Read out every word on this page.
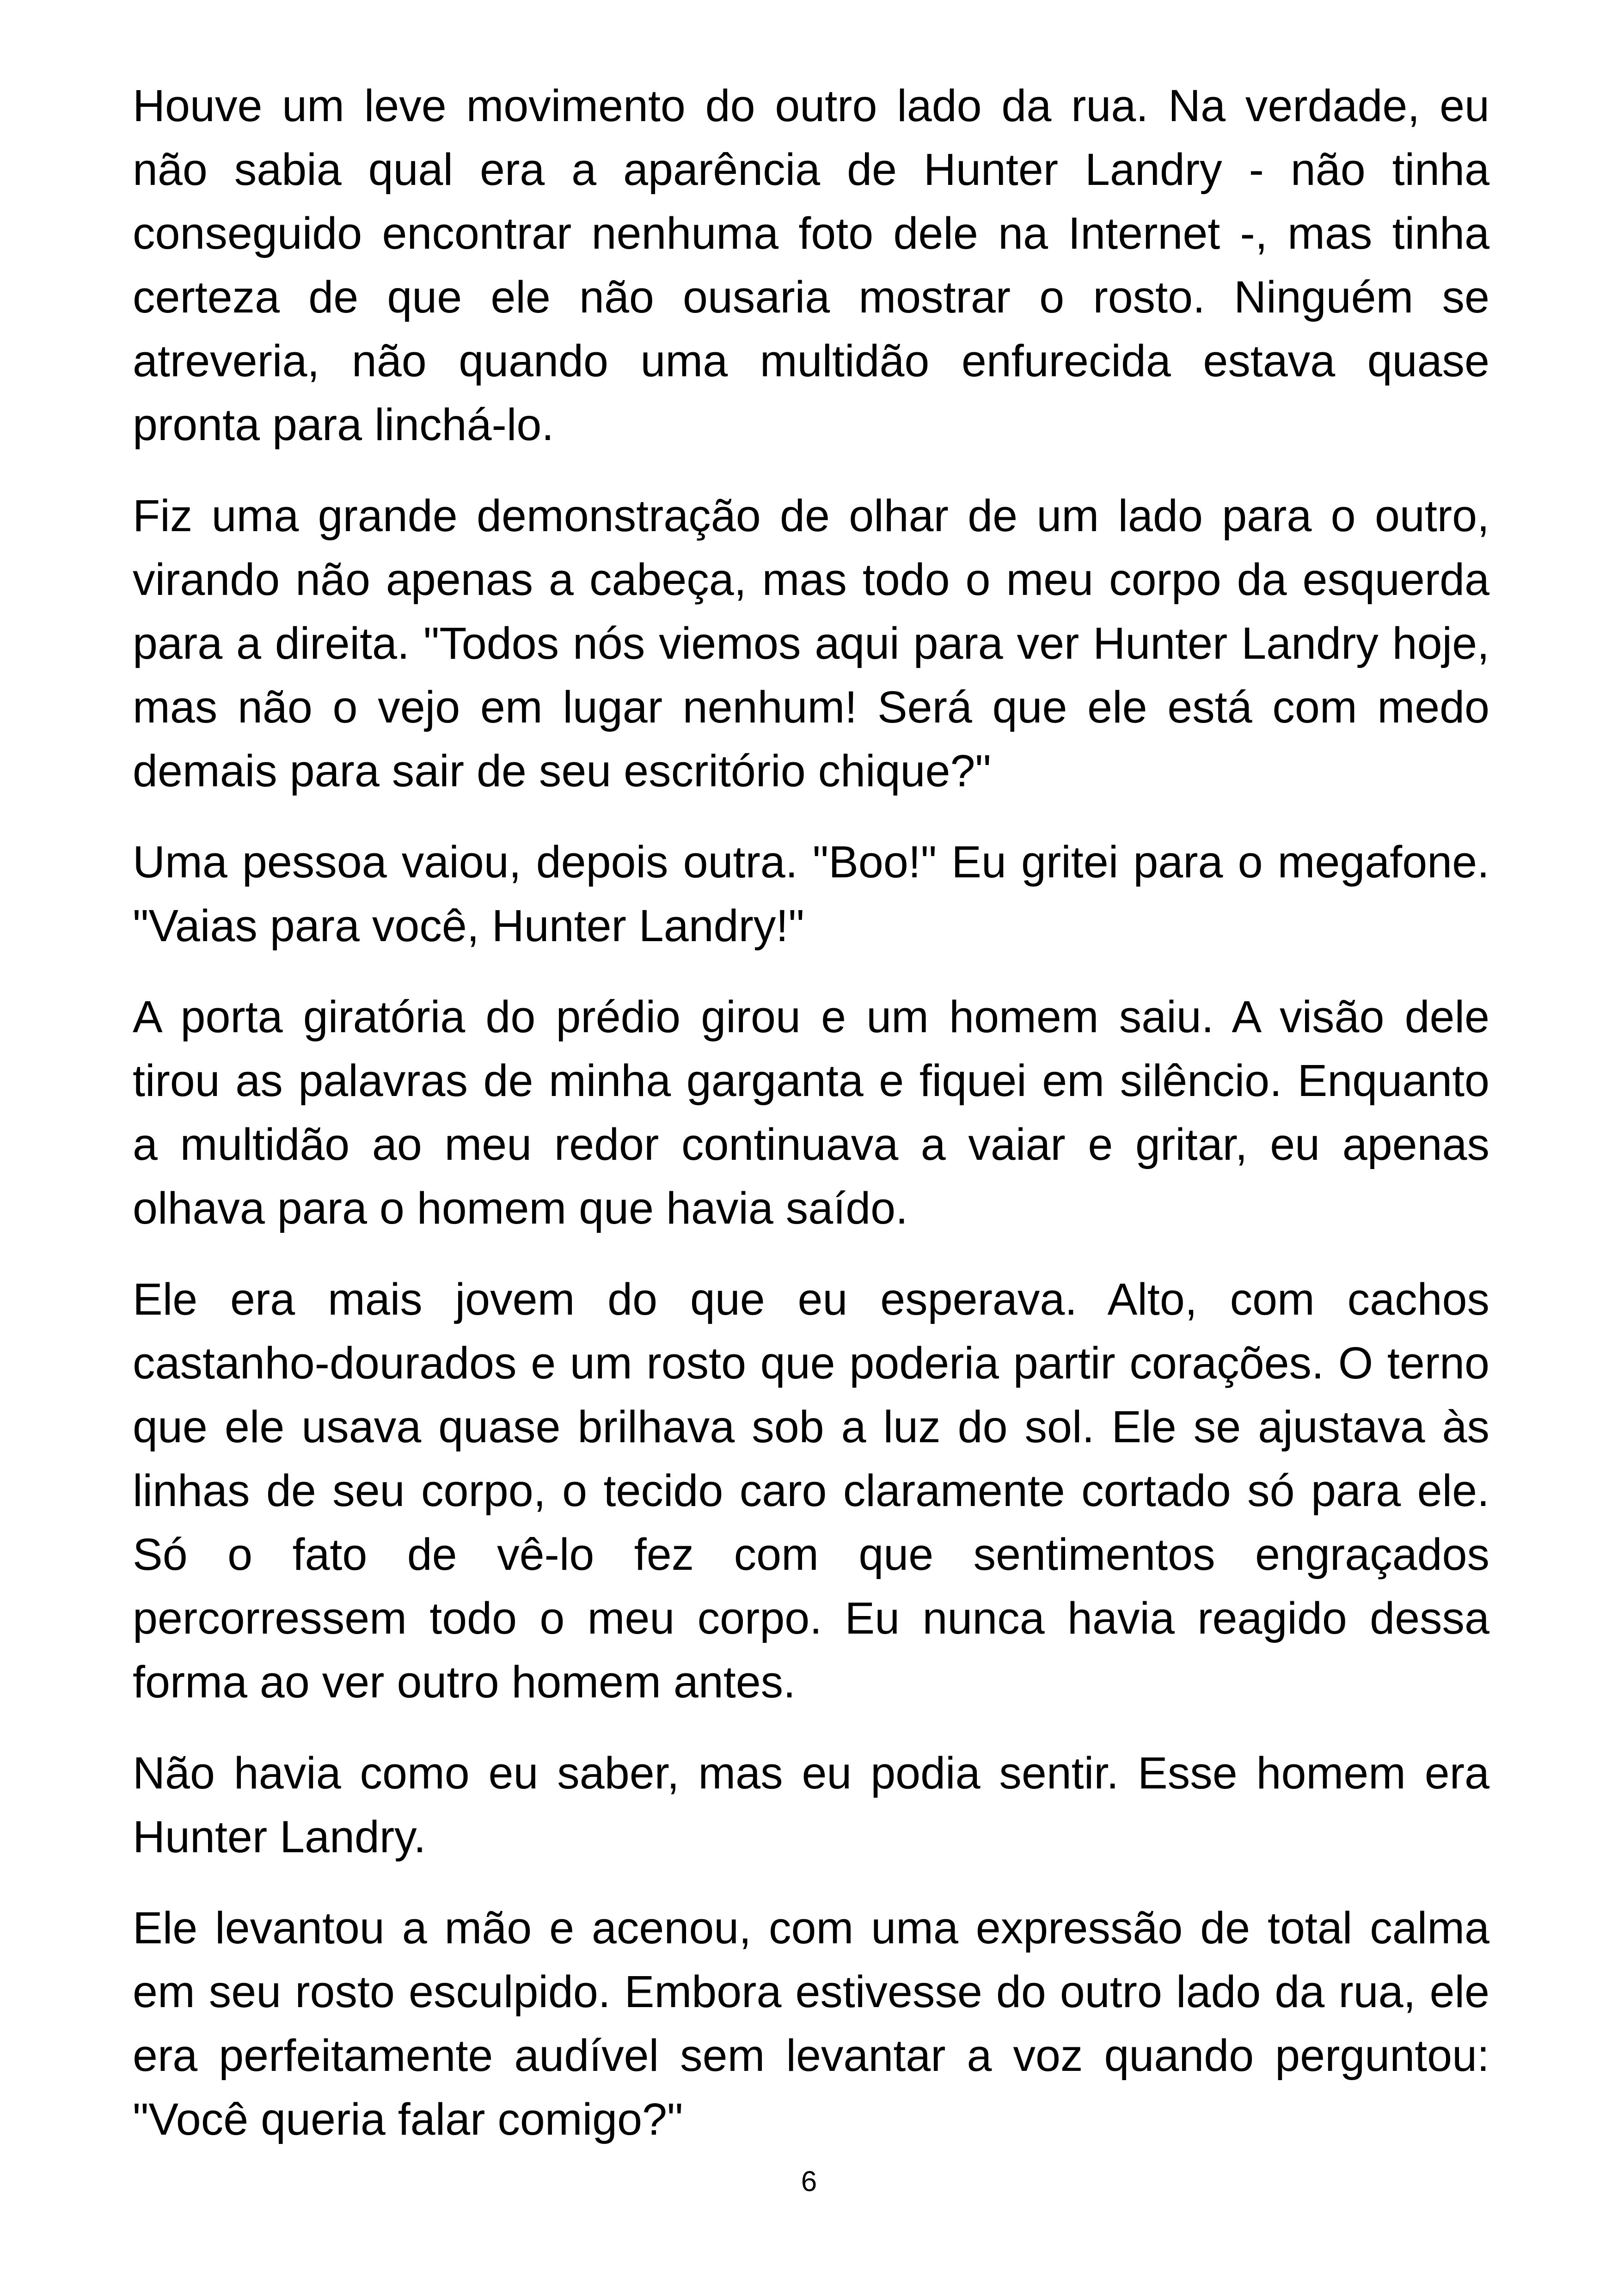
Houve um leve movimento do outro lado da rua. Na verdade, eu não sabia qual era a aparência de Hunter Landry - não tinha conseguido encontrar nenhuma foto dele na Internet -, mas tinha certeza de que ele não ousaria mostrar o rosto. Ninguém se atreveria, não quando uma multidão enfurecida estava quase pronta para linchá-lo.

Fiz uma grande demonstração de olhar de um lado para o outro, virando não apenas a cabeça, mas todo o meu corpo da esquerda para a direita. "Todos nós viemos aqui para ver Hunter Landry hoje, mas não o vejo em lugar nenhum! Será que ele está com medo demais para sair de seu escritório chique?"

Uma pessoa vaiou, depois outra. "Boo!" Eu gritei para o megafone. "Vaias para você, Hunter Landry!"

A porta giratória do prédio girou e um homem saiu. A visão dele tirou as palavras de minha garganta e fiquei em silêncio. Enquanto a multidão ao meu redor continuava a vaiar e gritar, eu apenas olhava para o homem que havia saído.

Ele era mais jovem do que eu esperava. Alto, com cachos castanho-dourados e um rosto que poderia partir corações. O terno que ele usava quase brilhava sob a luz do sol. Ele se ajustava às linhas de seu corpo, o tecido caro claramente cortado só para ele. Só o fato de vê-lo fez com que sentimentos engraçados percorressem todo o meu corpo. Eu nunca havia reagido dessa forma ao ver outro homem antes.

Não havia como eu saber, mas eu podia sentir. Esse homem era Hunter Landry.

Ele levantou a mão e acenou, com uma expressão de total calma em seu rosto esculpido. Embora estivesse do outro lado da rua, ele era perfeitamente audível sem levantar a voz quando perguntou: "Você queria falar comigo?"

6
